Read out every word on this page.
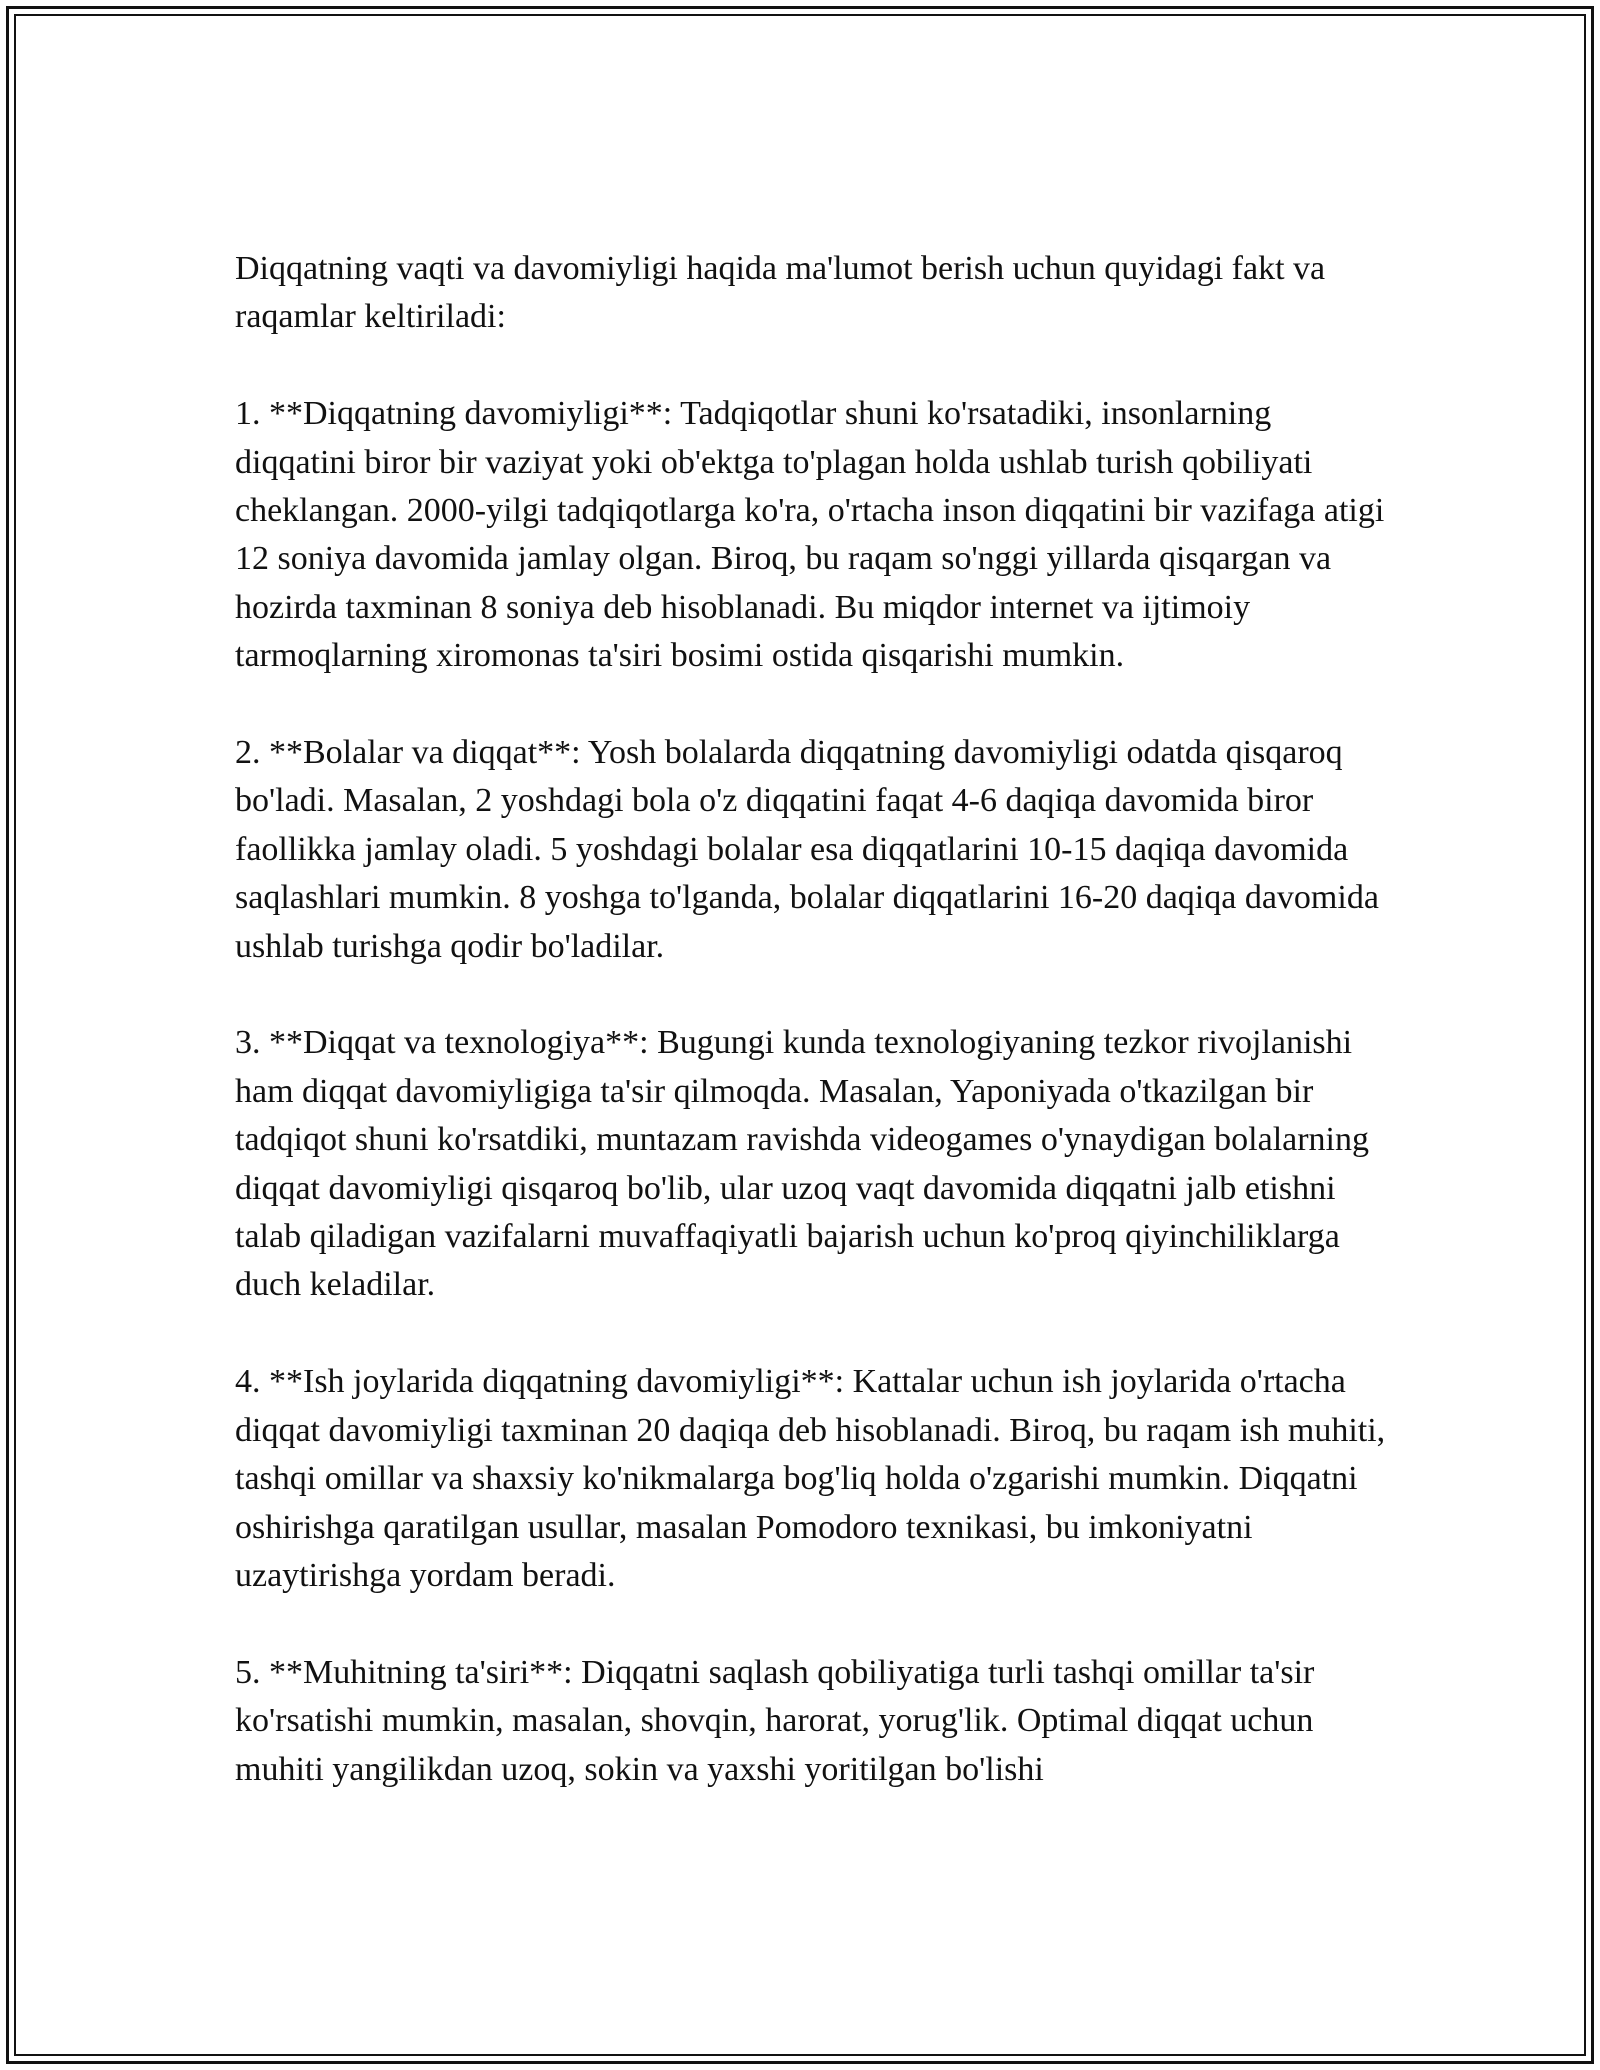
Diqqatning vaqti va davomiyligi haqida ma'lumot berish uchun quyidagi fakt va raqamlar keltiriladi:

1. **Diqqatning davomiyligi**: Tadqiqotlar shuni ko'rsatadiki, insonlarning diqqatini biror bir vaziyat yoki ob'ektga to'plagan holda ushlab turish qobiliyati cheklangan. 2000-yilgi tadqiqotlarga ko'ra, o'rtacha inson diqqatini bir vazifaga atigi 12 soniya davomida jamlay olgan. Biroq, bu raqam so'nggi yillarda qisqargan va hozirda taxminan 8 soniya deb hisoblanadi. Bu miqdor internet va ijtimoiy tarmoqlarning xiromonas ta'siri bosimi ostida qisqarishi mumkin.

2. **Bolalar va diqqat**: Yosh bolalarda diqqatning davomiyligi odatda qisqaroq bo'ladi. Masalan, 2 yoshdagi bola o'z diqqatini faqat 4-6 daqiqa davomida biror faollikka jamlay oladi. 5 yoshdagi bolalar esa diqqatlarini 10-15 daqiqa davomida saqlashlari mumkin. 8 yoshga to'lganda, bolalar diqqatlarini 16-20 daqiqa davomida ushlab turishga qodir bo'ladilar.

3. **Diqqat va texnologiya**: Bugungi kunda texnologiyaning tezkor rivojlanishi ham diqqat davomiyligiga ta'sir qilmoqda. Masalan, Yaponiyada o'tkazilgan bir tadqiqot shuni ko'rsatdiki, muntazam ravishda videogames o'ynaydigan bolalarning diqqat davomiyligi qisqaroq bo'lib, ular uzoq vaqt davomida diqqatni jalb etishni talab qiladigan vazifalarni muvaffaqiyatli bajarish uchun ko'proq qiyinchiliklarga duch keladilar.

4. **Ish joylarida diqqatning davomiyligi**: Kattalar uchun ish joylarida o'rtacha diqqat davomiyligi taxminan 20 daqiqa deb hisoblanadi. Biroq, bu raqam ish muhiti, tashqi omillar va shaxsiy ko'nikmalarga bog'liq holda o'zgarishi mumkin. Diqqatni oshirishga qaratilgan usullar, masalan Pomodoro texnikasi, bu imkoniyatni uzaytirishga yordam beradi.

5. **Muhitning ta'siri**: Diqqatni saqlash qobiliyatiga turli tashqi omillar ta'sir ko'rsatishi mumkin, masalan, shovqin, harorat, yorug'lik. Optimal diqqat uchun muhiti yangilikdan uzoq, sokin va yaxshi yoritilgan bo'lishi
